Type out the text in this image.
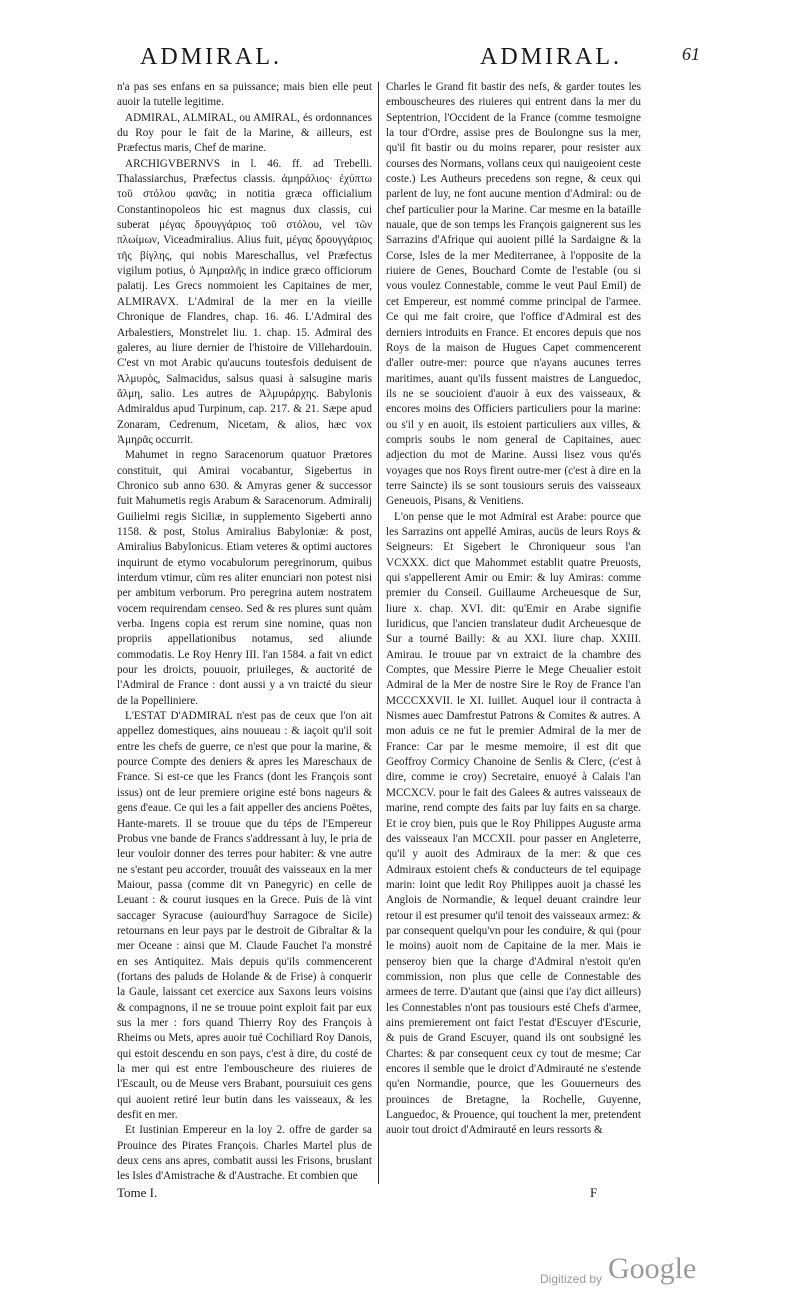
ADMIRAL.	ADMIRAL.	61

n'a pas ses enfans en sa puissance; mais bien elle peut auoir la tutelle legitime.

ADMIRAL, ALMIRAL, ou AMIRAL, és ordonnances du Roy pour le fait de la Marine, & ailleurs, est Præfectus maris, Chef de marine.

ARCHIGVBERNVS in l. 46. ff. ad Trebelli. Thalassiarchus, Præfectus classis. ἀμηράλιος· ἐχύπτω τοῦ στόλου φανᾶς; in notitia græca officialium Constantinopoleos hic est magnus dux classis, cui suberat μέγας δρουγγάριος τοῦ στόλου, vel τῶν πλωίμων, Viceadmiralius. Alius fuit, μέγας δρουγγάριος τῆς βίγλης, qui nobis Mareschallus, vel Præfectus vigilum potius, ὁ Ἀμηραλῆς in indice græco officiorum palatij. Les Grecs nommoient les Capitaines de mer, ALMIRAVX. L'Admiral de la mer en la vieille Chronique de Flandres, chap. 16. 46. L'Admiral des Arbalestiers, Monstrelet liu. 1. chap. 15. Admiral des galeres, au liure dernier de l'histoire de Villehardouin. C'est vn mot Arabic qu'aucuns toutesfois deduisent de Ἀλμυρὸς, Salmacidus, salsus quasi à salsugine maris ἅλμη, salio. Les autres de Ἀλμυράρχης. Babylonis Admiraldus apud Turpinum, cap. 217. & 21. Sæpe apud Zonaram, Cedrenum, Nicetam, & alios, hæc vox Ἀμηρᾶς occurrit.

Mahumet in regno Saracenorum quatuor Prætores constituit, qui Amirai vocabantur, Sigebertus in Chronico sub anno 630. & Amyras gener & successor fuit Mahumetis regis Arabum & Saracenorum. Admiralij Guilielmi regis Siciliæ, in supplemento Sigeberti anno 1158. & post, Stolus Amiralius Babyloniæ: & post, Amiralius Babylonicus. Etiam veteres & optimi auctores inquirunt de etymo vocabulorum peregrinorum, quibus interdum vtimur, cùm res aliter enunciari non potest nisi per ambitum verborum. Pro peregrina autem nostratem vocem requirendam censeo. Sed & res plures sunt quàm verba. Ingens copia est rerum sine nomine, quas non propriis appellationibus notamus, sed aliunde commodatis. Le Roy Henry III. l'an 1584. a fait vn edict pour les droicts, pouuoir, priuileges, & auctorité de l'Admiral de France : dont aussi y a vn traicté du sieur de la Popelliniere.

L'ESTAT D'ADMIRAL n'est pas de ceux que l'on ait appellez domestiques, ains nouueau : & iaçoit qu'il soit entre les chefs de guerre, ce n'est que pour la marine, & pource Compte des deniers & apres les Mareschaux de France. Si est-ce que les Francs (dont les François sont issus) ont de leur premiere origine esté bons nageurs & gens d'eaue. Ce qui les a fait appeller des anciens Poëtes, Hante-marets. Il se trouue que du téps de l'Empereur Probus vne bande de Francs s'addressant à luy, le pria de leur vouloir donner des terres pour habiter: & vne autre ne s'estant peu accorder, trouuât des vaisseaux en la mer Maiour, passa (comme dit vn Panegyric) en celle de Leuant : & courut iusques en la Grece. Puis de là vint saccager Syracuse (auiourd'huy Sarragoce de Sicile) retournans en leur pays par le destroit de Gibraltar & la mer Oceane : ainsi que M. Claude Fauchet l'a monstré en ses Antiquitez. Mais depuis qu'ils commencerent (fortans des paluds de Holande & de Frise) à conquerir la Gaule, laissant cet exercice aux Saxons leurs voisins & compagnons, il ne se trouue point exploit fait par eux sus la mer : fors quand Thierry Roy des François à Rheims ou Mets, apres auoir tué Cochiliard Roy Danois, qui estoit descendu en son pays, c'est à dire, du costé de la mer qui est entre l'embouscheure des riuieres de l'Escault, ou de Meuse vers Brabant, poursuiuit ces gens qui auoient retiré leur butin dans les vaisseaux, & les desfit en mer.

Et Iustinian Empereur en la loy 2. offre de garder sa Prouince des Pirates François. Charles Martel plus de deux cens ans apres, combatit aussi les Frisons, bruslant les Isles d'Amistrache & d'Austrache. Et combien que

Charles le Grand fit bastir des nefs, & garder toutes les embouscheures des riuieres qui entrent dans la mer du Septentrion, l'Occident de la France (comme tesmoigne la tour d'Ordre, assise pres de Boulongne sus la mer, qu'il fit bastir ou du moins reparer, pour resister aux courses des Normans, vollans ceux qui nauigeoient ceste coste.) Les Autheurs precedens son regne, & ceux qui parlent de luy, ne font aucune mention d'Admiral: ou de chef particulier pour la Marine. Car mesme en la bataille nauale, que de son temps les François gaignerent sus les Sarrazins d'Afrique qui auoient pillé la Sardaigne & la Corse, Isles de la mer Mediterranee, à l'opposite de la riuiere de Genes, Bouchard Comte de l'estable (ou si vous voulez Connestable, comme le veut Paul Emil) de cet Empereur, est nommé comme principal de l'armee. Ce qui me fait croire, que l'office d'Admiral est des derniers introduits en France. Et encores depuis que nos Roys de la maison de Hugues Capet commencerent d'aller outre-mer: pource que n'ayans aucunes terres maritimes, auant qu'ils fussent maistres de Languedoc, ils ne se soucioient d'auoir à eux des vaisseaux, & encores moins des Officiers particuliers pour la marine: ou s'il y en auoit, ils estoient particuliers aux villes, & compris soubs le nom general de Capitaines, auec adjection du mot de Marine. Aussi lisez vous qu'és voyages que nos Roys firent outre-mer (c'est à dire en la terre Saincte) ils se sont tousiours seruis des vaisseaux Geneuois, Pisans, & Venitiens.

L'on pense que le mot Admiral est Arabe: pource que les Sarrazins ont appellé Amiras, aucüs de leurs Roys & Seigneurs: Et Sigebert le Chroniqueur sous l'an VCXXX. dict que Mahommet establit quatre Preuosts, qui s'appellerent Amir ou Emir: & luy Amiras: comme premier du Conseil. Guillaume Archeuesque de Sur, liure x. chap. XVI. dit: qu'Emir en Arabe signifie Iuridicus, que l'ancien translateur dudit Archeuesque de Sur a tourné Bailly: & au XXI. liure chap. XXIII. Amirau. Ie trouue par vn extraict de la chambre des Comptes, que Messire Pierre le Mege Cheualier estoit Admiral de la Mer de nostre Sire le Roy de France l'an MCCCXXVII. le XI. Iuillet. Auquel iour il contracta à Nismes auec Damfrestut Patrons & Comites & autres. A mon aduis ce ne fut le premier Admiral de la mer de France: Car par le mesme memoire, il est dit que Geoffroy Cormicy Chanoine de Senlis & Clerc, (c'est à dire, comme ie croy) Secretaire, enuoyé à Calais l'an MCCXCV. pour le fait des Galees & autres vaisseaux de marine, rend compte des faits par luy faits en sa charge. Et ie croy bien, puis que le Roy Philippes Auguste arma des vaisseaux l'an MCCXII. pour passer en Angleterre, qu'il y auoit des Admiraux de la mer: & que ces Admiraux estoient chefs & conducteurs de tel equipage marin: Ioint que ledit Roy Philippes auoit ja chassé les Anglois de Normandie, & lequel deuant craindre leur retour il est presumer qu'il tenoit des vaisseaux armez: & par consequent quelqu'vn pour les conduire, & qui (pour le moins) auoit nom de Capitaine de la mer. Mais ie penseroy bien que la charge d'Admiral n'estoit qu'en commission, non plus que celle de Connestable des armees de terre. D'autant que (ainsi que i'ay dict ailleurs) les Connestables n'ont pas tousiours esté Chefs d'armee, ains premierement ont faict l'estat d'Escuyer d'Escurie, & puis de Grand Escuyer, quand ils ont soubsigné les Chartes: & par consequent ceux cy tout de mesme; Car encores il semble que le droict d'Admirauté ne s'estende qu'en Normandie, pource, que les Gouuerneurs des prouinces de Bretagne, la Rochelle, Guyenne, Languedoc, & Prouence, qui touchent la mer, pretendent auoir tout droict d'Admirauté en leurs ressorts &

Tome I.	F
Digitized by Google
